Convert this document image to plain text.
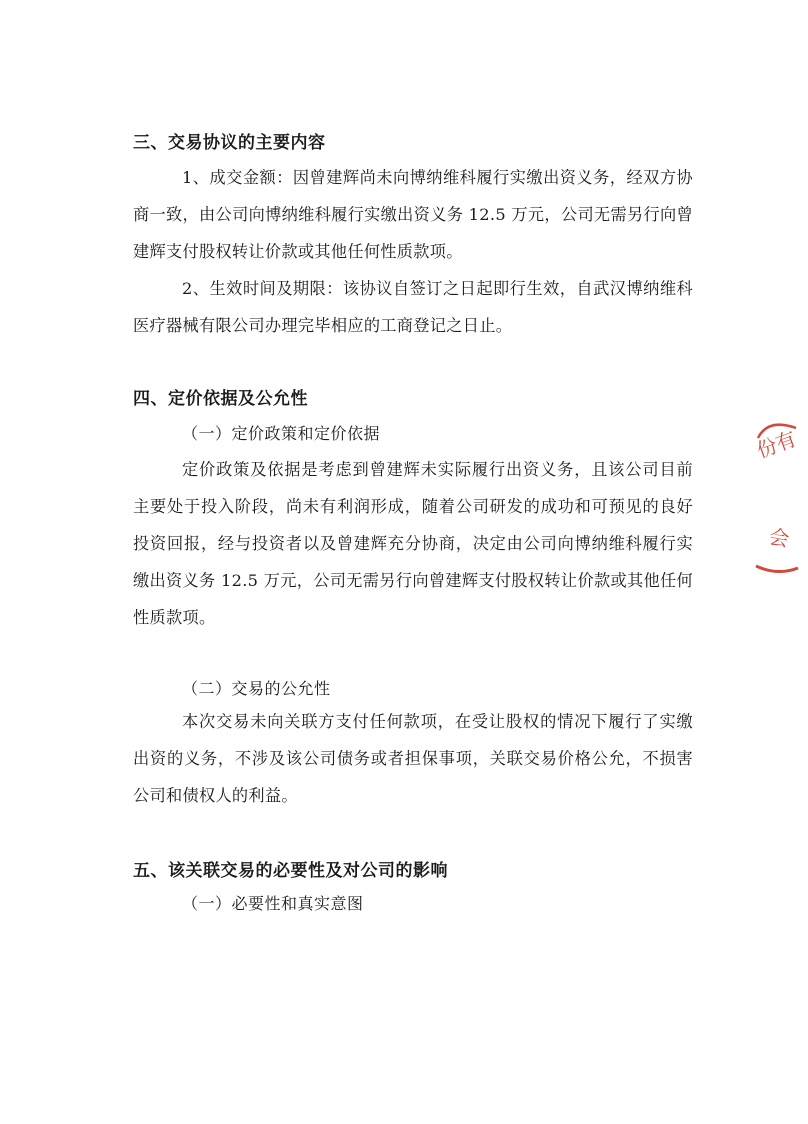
三、交易协议的主要内容

1、成交金额：因曾建辉尚未向博纳维科履行实缴出资义务，经双方协商一致，由公司向博纳维科履行实缴出资义务 12.5 万元，公司无需另行向曾建辉支付股权转让价款或其他任何性质款项。

2、生效时间及期限：该协议自签订之日起即行生效，自武汉博纳维科医疗器械有限公司办理完毕相应的工商登记之日止。

四、定价依据及公允性
（一）定价政策和定价依据

定价政策及依据是考虑到曾建辉未实际履行出资义务，且该公司目前主要处于投入阶段，尚未有利润形成，随着公司研发的成功和可预见的良好投资回报，经与投资者以及曾建辉充分协商，决定由公司向博纳维科履行实缴出资义务 12.5 万元，公司无需另行向曾建辉支付股权转让价款或其他任何性质款项。

（二）交易的公允性

本次交易未向关联方支付任何款项，在受让股权的情况下履行了实缴出资的义务，不涉及该公司债务或者担保事项，关联交易价格公允，不损害公司和债权人的利益。

五、该关联交易的必要性及对公司的影响
（一）必要性和真实意图
份有
会
